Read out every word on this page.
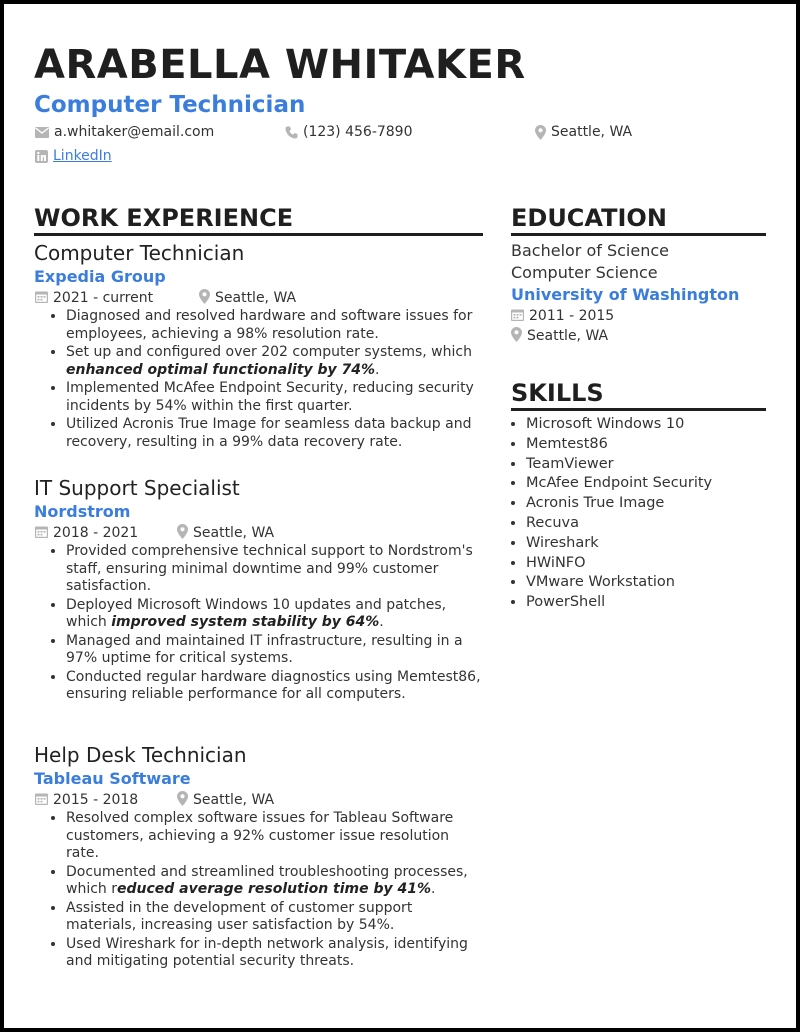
ARABELLA WHITAKER
Computer Technician
a.whitaker@email.com	(123) 456-7890	Seattle, WA
LinkedIn
WORK EXPERIENCE	EDUCATION
SKILLS
Computer Technician
Expedia Group
2021 - current	Seattle, WA
• Diagnosed and resolved hardware and software issues for employees, achieving a 98% resolution rate.
• Set up and configured over 202 computer systems, which enhanced optimal functionality by 74%.
• Implemented McAfee Endpoint Security, reducing security incidents by 54% within the first quarter.
• Utilized Acronis True Image for seamless data backup and recovery, resulting in a 99% data recovery rate.
IT Support Specialist
Nordstrom
2018 - 2021	Seattle, WA
• Provided comprehensive technical support to Nordstrom's staff, ensuring minimal downtime and 99% customer satisfaction.
• Deployed Microsoft Windows 10 updates and patches, which improved system stability by 64%.
• Managed and maintained IT infrastructure, resulting in a 97% uptime for critical systems.
• Conducted regular hardware diagnostics using Memtest86, ensuring reliable performance for all computers.
Help Desk Technician
Tableau Software
2015 - 2018	Seattle, WA
• Resolved complex software issues for Tableau Software customers, achieving a 92% customer issue resolution rate.
• Documented and streamlined troubleshooting processes, which reduced average resolution time by 41%.
• Assisted in the development of customer support materials, increasing user satisfaction by 54%.
• Used Wireshark for in-depth network analysis, identifying and mitigating potential security threats.
Bachelor of Science
Computer Science
University of Washington
2011 - 2015
Seattle, WA
• Microsoft Windows 10
• Memtest86
• TeamViewer
• McAfee Endpoint Security
• Acronis True Image
• Recuva
• Wireshark
• HWiNFO
• VMware Workstation
• PowerShell
